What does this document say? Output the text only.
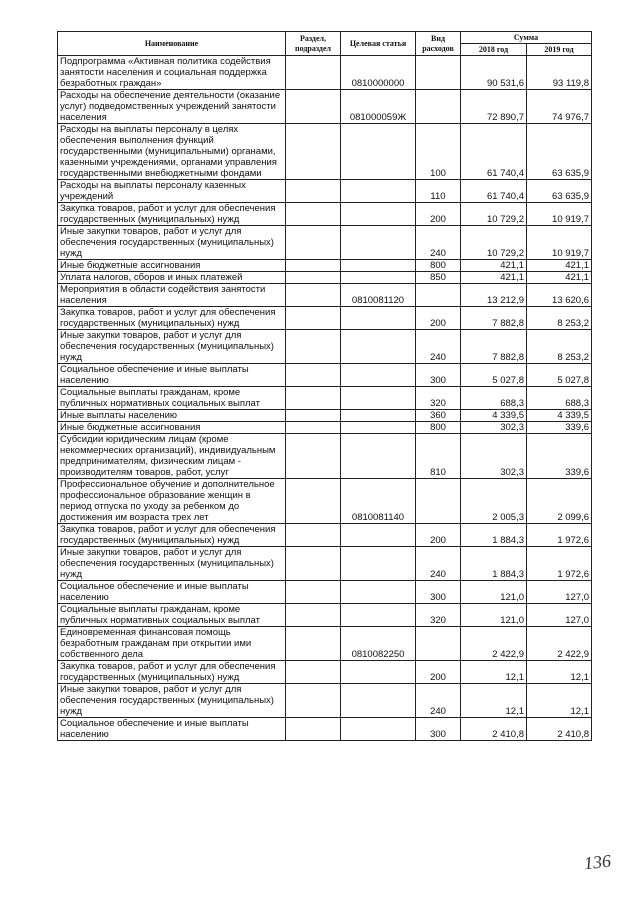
Наименование	Раздел, подраздел	Целевая статья	Вид расходов	Сумма	
				2018 год	2019 год
Подпрограмма «Активная политика содействия занятости населения и социальная поддержка безработных граждан»		0810000000		90 531,6	93 119,8
Расходы на обеспечение деятельности (оказание услуг) подведомственных учреждений занятости населения		081000059Ж		72 890,7	74 976,7
Расходы на выплаты персоналу в целях обеспечения выполнения функций государственными (муниципальными) органами, казенными учреждениями, органами управления государственными внебюджетными фондами			100	61 740,4	63 635,9
Расходы на выплаты персоналу казенных учреждений			110	61 740,4	63 635,9
Закупка товаров, работ и услуг для обеспечения государственных (муниципальных) нужд			200	10 729,2	10 919,7
Иные закупки товаров, работ и услуг для обеспечения государственных (муниципальных) нужд			240	10 729,2	10 919,7
Иные бюджетные ассигнования			800	421,1	421,1
Уплата налогов, сборов и иных платежей			850	421,1	421,1
Мероприятия в области содействия занятости населения		0810081120		13 212,9	13 620,6
Закупка товаров, работ и услуг для обеспечения государственных (муниципальных) нужд			200	7 882,8	8 253,2
Иные закупки товаров, работ и услуг для обеспечения государственных (муниципальных) нужд			240	7 882,8	8 253,2
Социальное обеспечение и иные выплаты населению			300	5 027,8	5 027,8
Социальные выплаты гражданам, кроме публичных нормативных социальных выплат			320	688,3	688,3
Иные выплаты населению			360	4 339,5	4 339,5
Иные бюджетные ассигнования			800	302,3	339,6
Субсидии юридическим лицам (кроме некоммерческих организаций), индивидуальным предпринимателям, физическим лицам - производителям товаров, работ, услуг			810	302,3	339,6
Профессиональное обучение и дополнительное профессиональное образование женщин в период отпуска по уходу за ребенком до достижения им возраста трех лет		0810081140		2 005,3	2 099,6
Закупка товаров, работ и услуг для обеспечения государственных (муниципальных) нужд			200	1 884,3	1 972,6
Иные закупки товаров, работ и услуг для обеспечения государственных (муниципальных) нужд			240	1 884,3	1 972,6
Социальное обеспечение и иные выплаты населению			300	121,0	127,0
Социальные выплаты гражданам, кроме публичных нормативных социальных выплат			320	121,0	127,0
Единовременная финансовая помощь безработным гражданам при открытии ими собственного дела		0810082250		2 422,9	2 422,9
Закупка товаров, работ и услуг для обеспечения государственных (муниципальных) нужд			200	12,1	12,1
Иные закупки товаров, работ и услуг для обеспечения государственных (муниципальных) нужд			240	12,1	12,1
Социальное обеспечение и иные выплаты населению			300	2 410,8	2 410,8
136
